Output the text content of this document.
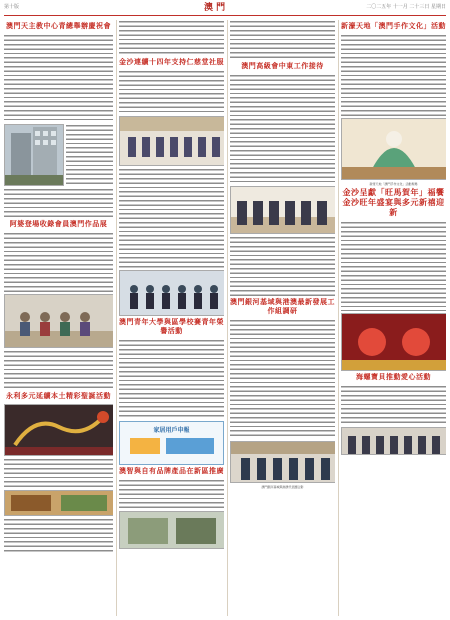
第十版	澳 門	二〇二五年 十一月 二十三日 星期日
澳門天主教中心青總舉辦慶祝會
阿婆登場收錄會員澳門作品展
永利多元延續本土精彩聖誕活動
金沙連續十四年支持仁慈堂社服
澳門青年大學與區學校賽青年榮譽活動
家居用戶申報
澳智與自有品牌產品在新區推廣
澳門高級會中東工作接待
澳門銀河基域與港澳最新發展工作組調研
澳門銀河基城與港澳代表團合影
新濠天地「澳門手作文化」活動
新濠天地「澳門手作文化」活動現場
金沙呈獻「旺馬賀年」福饗金沙旺年盛宴與多元新禧迎新
海螺寶貝推動愛心活動
